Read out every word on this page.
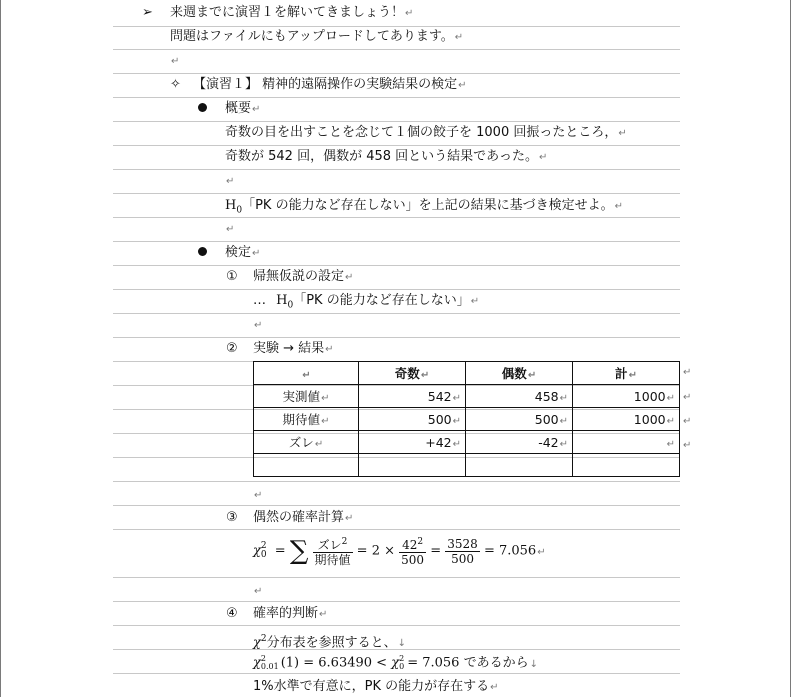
➢ 来週までに演習１を解いてきましょう！↵
問題はファイルにもアップロードしてあります。↵
↵
✧ 【演習１】 精神的遠隔操作の実験結果の検定↵
概要↵
奇数の目を出すことを念じて１個の餃子を 1000 回振ったところ，↵
奇数が 542 回，偶数が 458 回という結果であった。↵
↵
$H_0$「PK の能力など存在しない」を上記の結果に基づき検定せよ。↵
↵
検定↵
① 帰無仮説の設定↵
… $H_0$「PK の能力など存在しない」↵
↵
② 実験 → 結果↵
↵	奇数↵	偶数↵	計↵
実測値↵	542↵	458↵	1000↵
期待値↵	500↵	500↵	1000↵
ズレ↵	+42↵	-42↵	↵

↵
↵
↵
↵
↵
③ 偶然の確率計算↵
χ 2
0 = ∑ $\frac{ズレ^2}{\text{期待値}} = 2 \times \frac{42^2}{500} = \frac{3528}{500}$ = 7.056↵
↵
④ 確率的判断↵
$\chi^2$分布表を参照すると、↓
χ 2
0.01 (1) = 6.63490 < χ 2
0 = 7.056 であるから↓
1%水準で有意に，PK の能力が存在する↵
